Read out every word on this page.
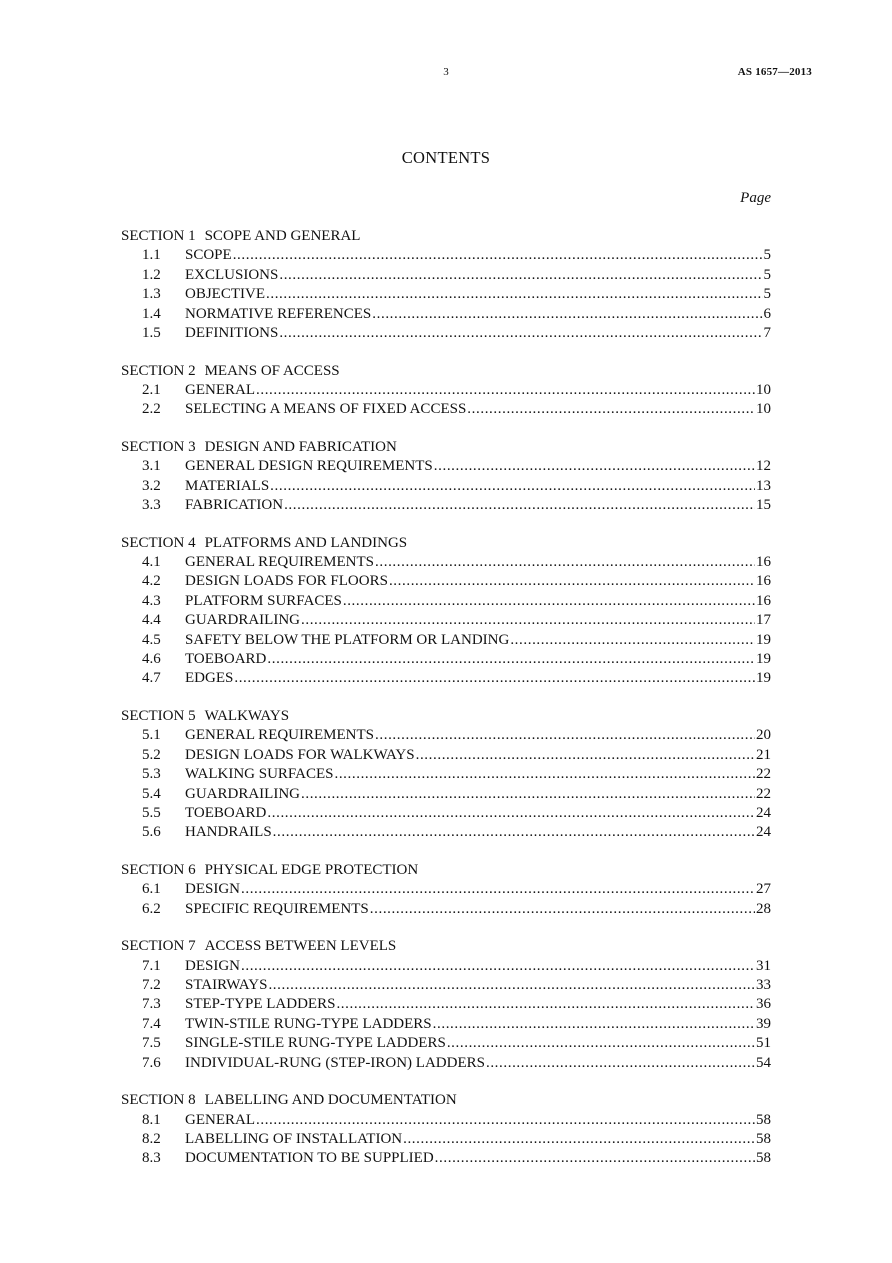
3	AS 1657—2013
CONTENTS
Page
SECTION 1 SCOPE AND GENERAL
1.1	SCOPE .....	5
1.2	EXCLUSIONS .....	5
1.3	OBJECTIVE .....	5
1.4	NORMATIVE REFERENCES .....	6
1.5	DEFINITIONS .....	7
SECTION 2 MEANS OF ACCESS
2.1	GENERAL .....	10
2.2	SELECTING A MEANS OF FIXED ACCESS .....	10
SECTION 3 DESIGN AND FABRICATION
3.1	GENERAL DESIGN REQUIREMENTS .....	12
3.2	MATERIALS .....	13
3.3	FABRICATION .....	15
SECTION 4 PLATFORMS AND LANDINGS
4.1	GENERAL REQUIREMENTS .....	16
4.2	DESIGN LOADS FOR FLOORS .....	16
4.3	PLATFORM SURFACES .....	16
4.4	GUARDRAILING .....	17
4.5	SAFETY BELOW THE PLATFORM OR LANDING .....	19
4.6	TOEBOARD .....	19
4.7	EDGES .....	19
SECTION 5 WALKWAYS
5.1	GENERAL REQUIREMENTS .....	20
5.2	DESIGN LOADS FOR WALKWAYS .....	21
5.3	WALKING SURFACES .....	22
5.4	GUARDRAILING .....	22
5.5	TOEBOARD .....	24
5.6	HANDRAILS .....	24
SECTION 6 PHYSICAL EDGE PROTECTION
6.1	DESIGN .....	27
6.2	SPECIFIC REQUIREMENTS .....	28
SECTION 7 ACCESS BETWEEN LEVELS
7.1	DESIGN .....	31
7.2	STAIRWAYS .....	33
7.3	STEP-TYPE LADDERS .....	36
7.4	TWIN-STILE RUNG-TYPE LADDERS .....	39
7.5	SINGLE-STILE RUNG-TYPE LADDERS .....	51
7.6	INDIVIDUAL-RUNG (STEP-IRON) LADDERS .....	54
SECTION 8 LABELLING AND DOCUMENTATION
8.1	GENERAL .....	58
8.2	LABELLING OF INSTALLATION .....	58
8.3	DOCUMENTATION TO BE SUPPLIED .....	58
